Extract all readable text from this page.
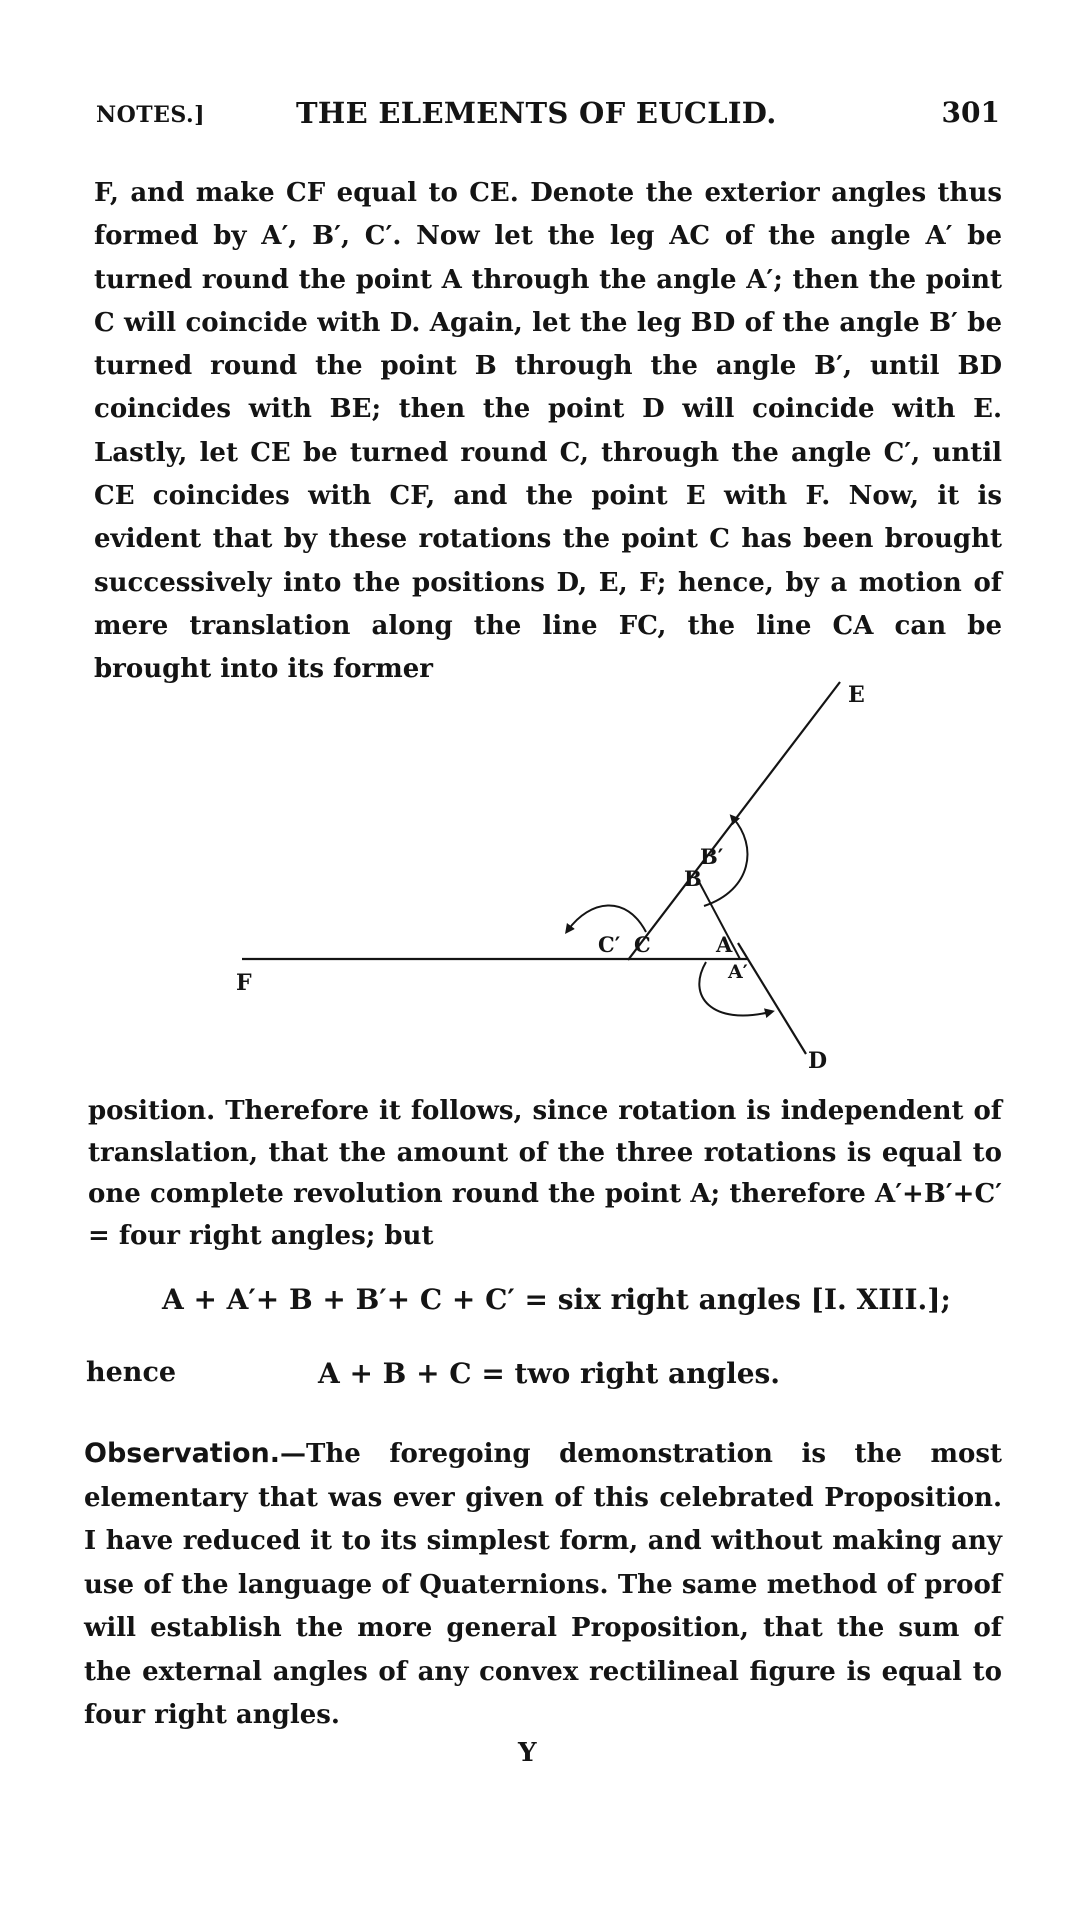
NOTES.]	THE ELEMENTS OF EUCLID.	301
F, and make CF equal to CE. Denote the exterior angles thus formed by A′, B′, C′. Now let the leg AC of the angle A′ be turned round the point A through the angle A′; then the point C will coincide with D. Again, let the leg BD of the angle B′ be turned round the point B through the angle B′, until BD coincides with BE; then the point D will coincide with E. Lastly, let CE be turned round C, through the angle C′, until CE coincides with CF, and the point E with F. Now, it is evident that by these rotations the point C has been brought successively into the positions D, E, F; hence, by a motion of mere translation along the line FC, the line CA can be brought into its former
E
F
D
B′
B
C′ C	A
A′
position. Therefore it follows, since rotation is independent of translation, that the amount of the three rotations is equal to one complete revolution round the point A; therefore A′+B′+C′ = four right angles; but
A + A′+ B + B′+ C + C′ = six right angles [I. XIII.];
hence	A + B + C = two right angles.
Observation.—The foregoing demonstration is the most elementary that was ever given of this celebrated Proposition. I have reduced it to its simplest form, and without making any use of the language of Quaternions. The same method of proof will establish the more general Proposition, that the sum of the external angles of any convex rectilineal figure is equal to four right angles.
Y
